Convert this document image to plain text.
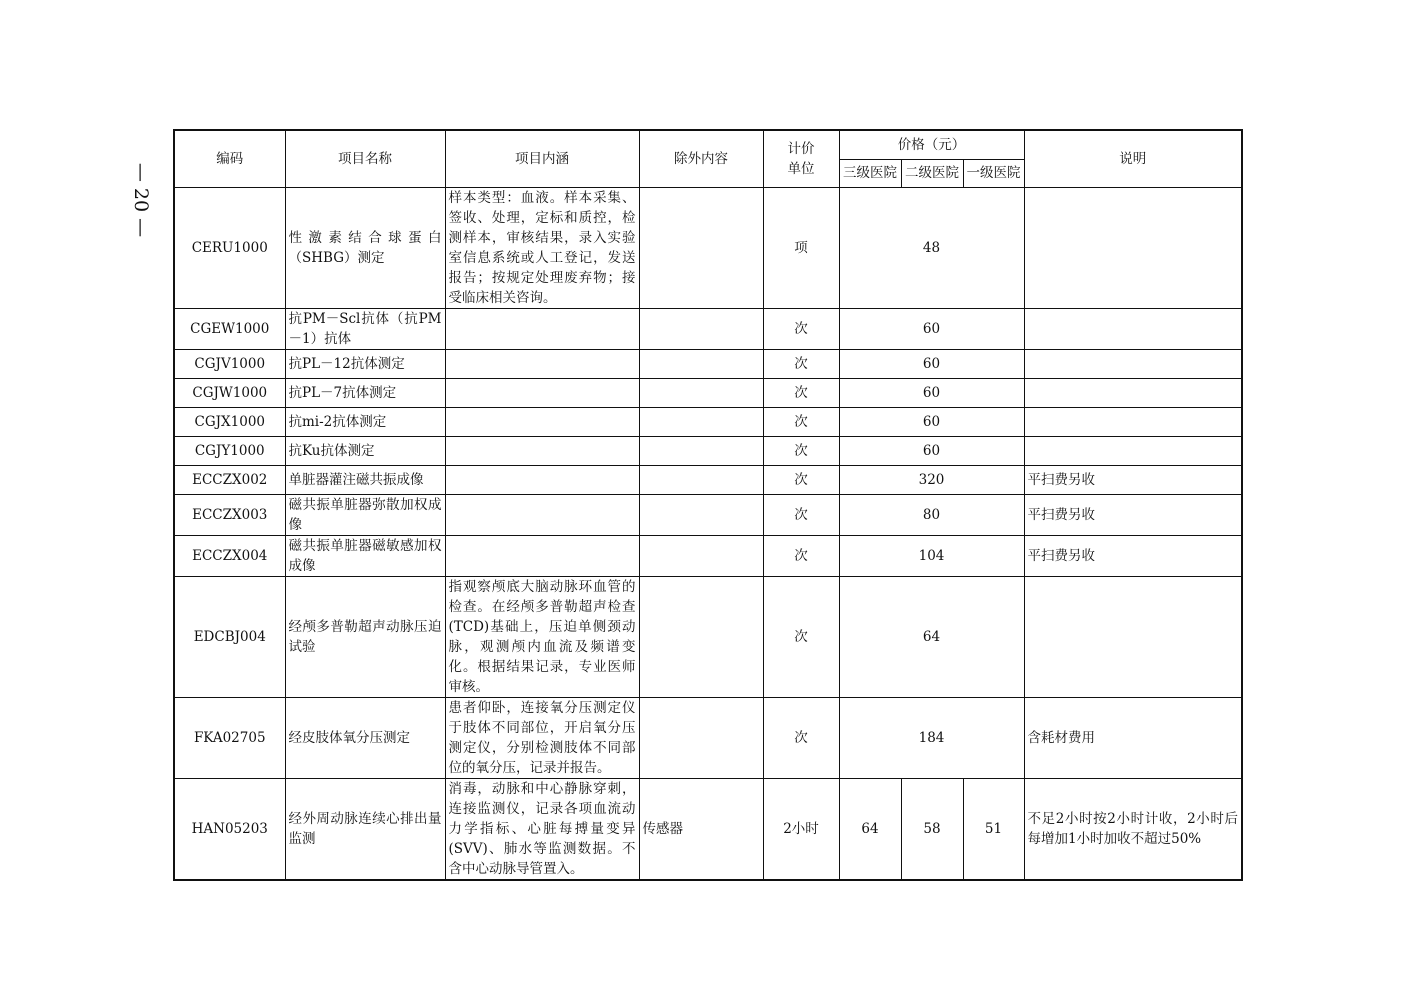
— 20 —
编码	项目名称	项目内涵	除外内容	计价单位	价格（元）			说明
					三级医院	二级医院	一级医院	
CERU1000	性激素结合球蛋白（SHBG）测定	样本类型：血液。样本采集、签收、处理，定标和质控，检测样本，审核结果，录入实验室信息系统或人工登记，发送报告；按规定处理废弃物；接受临床相关咨询。		项	48			
CGEW1000	抗PM－Scl抗体（抗PM－1）抗体			次	60			
CGJV1000	抗PL－12抗体测定			次	60			
CGJW1000	抗PL－7抗体测定			次	60			
CGJX1000	抗mi-2抗体测定			次	60			
CGJY1000	抗Ku抗体测定			次	60			
ECCZX002	单脏器灌注磁共振成像			次	320			平扫费另收
ECCZX003	磁共振单脏器弥散加权成像			次	80			平扫费另收
ECCZX004	磁共振单脏器磁敏感加权成像			次	104			平扫费另收
EDCBJ004	经颅多普勒超声动脉压迫试验	指观察颅底大脑动脉环血管的检查。在经颅多普勒超声检查(TCD)基础上，压迫单侧颈动脉，观测颅内血流及频谱变化。根据结果记录，专业医师审核。		次	64			
FKA02705	经皮肢体氧分压测定	患者仰卧，连接氧分压测定仪于肢体不同部位，开启氧分压测定仪，分别检测肢体不同部位的氧分压，记录并报告。		次	184			含耗材费用
HAN05203	经外周动脉连续心排出量监测	消毒，动脉和中心静脉穿刺，连接监测仪，记录各项血流动力学指标、心脏每搏量变异(SVV)、肺水等监测数据。不含中心动脉导管置入。	传感器	2小时	64	58	51	不足2小时按2小时计收，2小时后每增加1小时加收不超过50%
